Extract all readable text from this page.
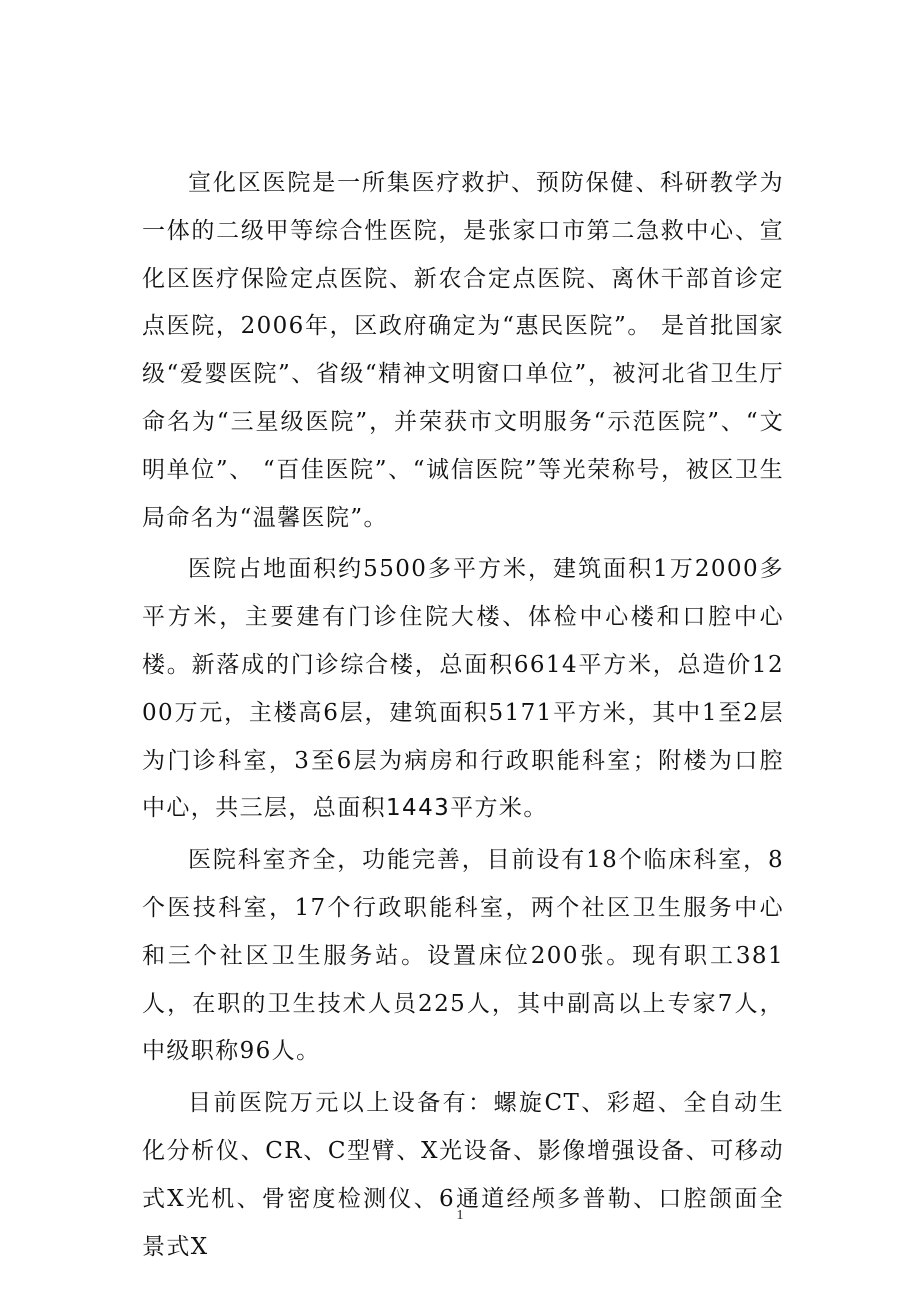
宣化区医院是一所集医疗救护、预防保健、科研教学为一体的二级甲等综合性医院，是张家口市第二急救中心、宣化区医疗保险定点医院、新农合定点医院、离休干部首诊定点医院，2006年，区政府确定为“惠民医院”。 是首批国家级“爱婴医院”、省级“精神文明窗口单位”，被河北省卫生厅命名为“三星级医院”，并荣获市文明服务“示范医院”、“文明单位”、 “百佳医院”、“诚信医院”等光荣称号，被区卫生局命名为“温馨医院”。

医院占地面积约5500多平方米，建筑面积1万2000多平方米，主要建有门诊住院大楼、体检中心楼和口腔中心楼。新落成的门诊综合楼，总面积6614平方米，总造价1200万元，主楼高6层，建筑面积5171平方米，其中1至2层为门诊科室，3至6层为病房和行政职能科室；附楼为口腔中心，共三层，总面积1443平方米。

医院科室齐全，功能完善，目前设有18个临床科室，8个医技科室，17个行政职能科室，两个社区卫生服务中心和三个社区卫生服务站。设置床位200张。现有职工381人，在职的卫生技术人员225人，其中副高以上专家7人，中级职称96人。

目前医院万元以上设备有：螺旋CT、彩超、全自动生化分析仪、CR、C型臂、X光设备、影像增强设备、可移动式X光机、骨密度检测仪、6通道经颅多普勒、口腔颌面全景式X

1
